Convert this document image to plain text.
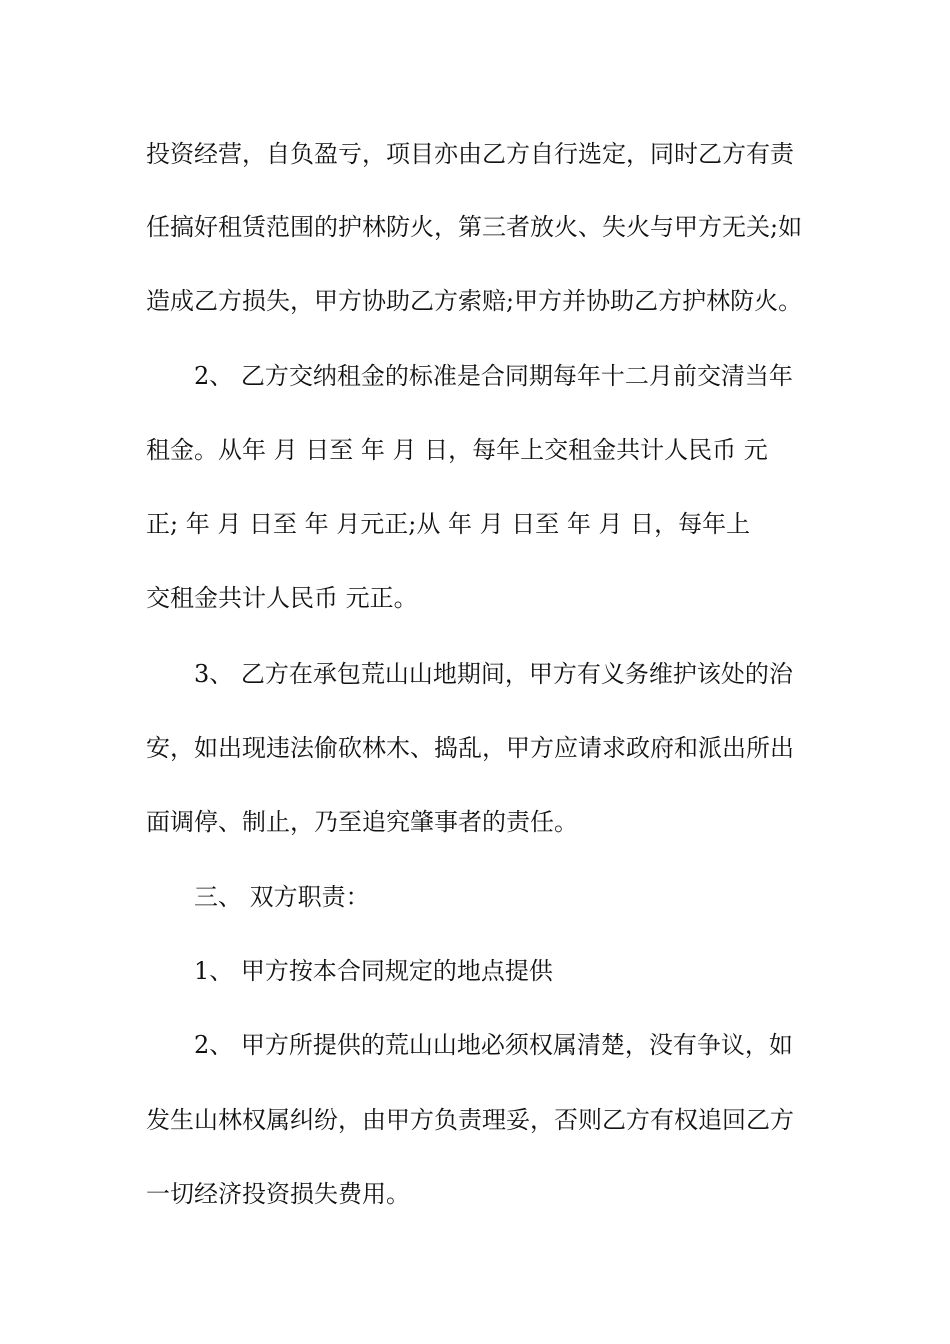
投资经营，自负盈亏，项目亦由乙方自行选定，同时乙方有责
任搞好租赁范围的护林防火，第三者放火、失火与甲方无关;如
造成乙方损失，甲方协助乙方索赔;甲方并协助乙方护林防火。
2、 乙方交纳租金的标准是合同期每年十二月前交清当年
租金。从年 月 日至 年 月 日，每年上交租金共计人民币 元
正; 年 月 日至 年 月元正;从 年 月 日至 年 月 日，每年上
交租金共计人民币 元正。
3、 乙方在承包荒山山地期间，甲方有义务维护该处的治
安，如出现违法偷砍林木、捣乱，甲方应请求政府和派出所出
面调停、制止，乃至追究肇事者的责任。
三、 双方职责：
1、 甲方按本合同规定的地点提供
2、 甲方所提供的荒山山地必须权属清楚，没有争议，如
发生山林权属纠纷，由甲方负责理妥，否则乙方有权追回乙方
一切经济投资损失费用。
